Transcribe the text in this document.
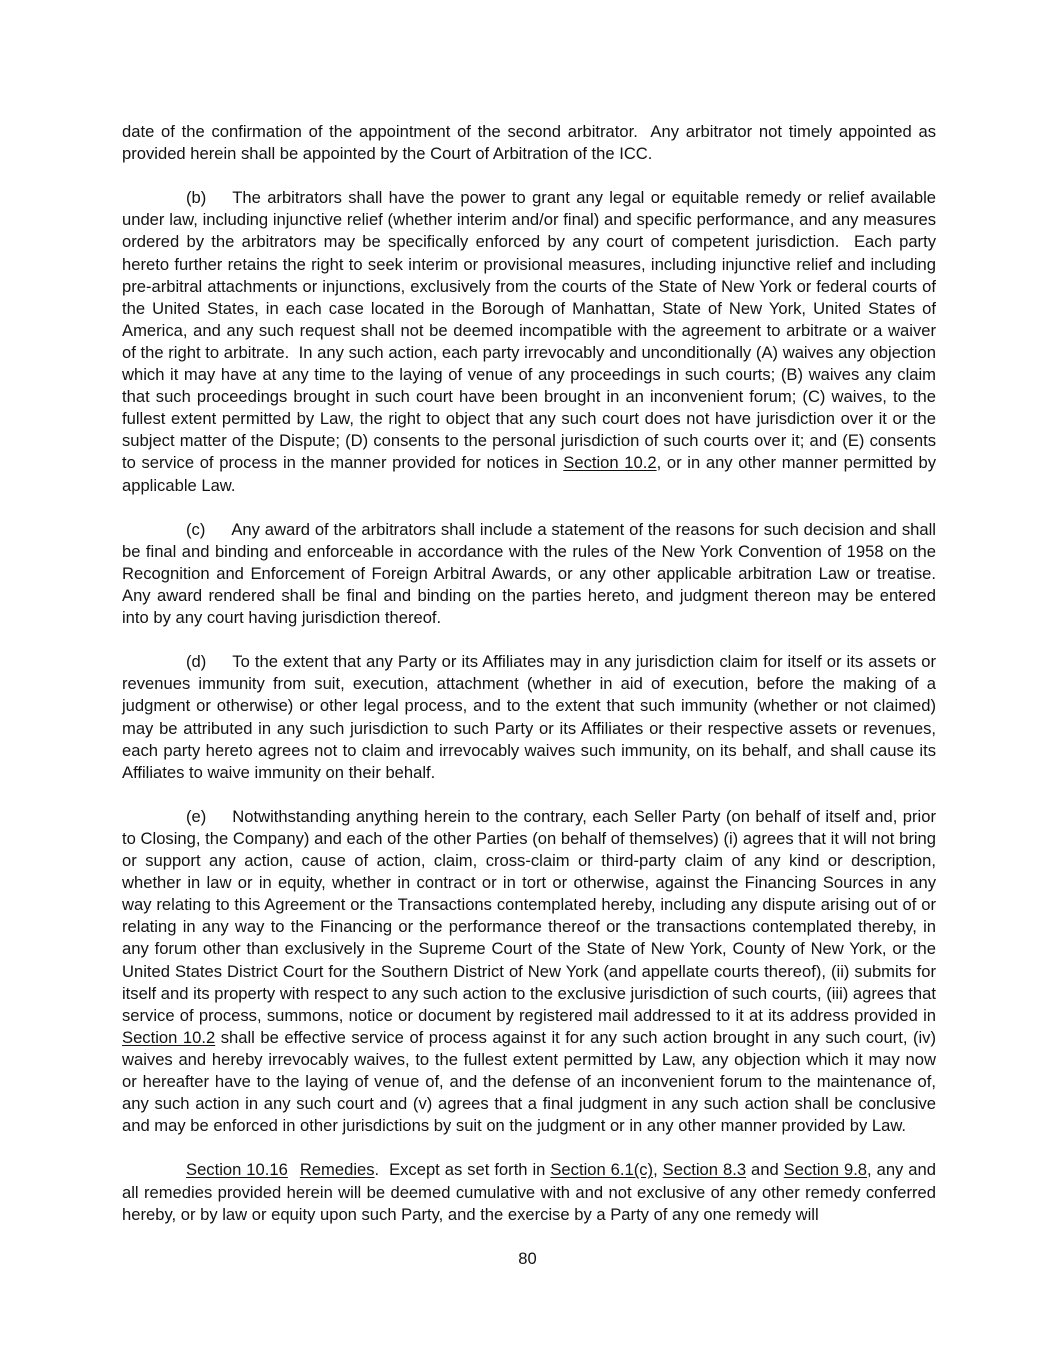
date of the confirmation of the appointment of the second arbitrator.  Any arbitrator not timely appointed as provided herein shall be appointed by the Court of Arbitration of the ICC.

(b) The arbitrators shall have the power to grant any legal or equitable remedy or relief available under law, including injunctive relief (whether interim and/or final) and specific performance, and any measures ordered by the arbitrators may be specifically enforced by any court of competent jurisdiction.  Each party hereto further retains the right to seek interim or provisional measures, including injunctive relief and including pre-arbitral attachments or injunctions, exclusively from the courts of the State of New York or federal courts of the United States, in each case located in the Borough of Manhattan, State of New York, United States of America, and any such request shall not be deemed incompatible with the agreement to arbitrate or a waiver of the right to arbitrate.  In any such action, each party irrevocably and unconditionally (A) waives any objection which it may have at any time to the laying of venue of any proceedings in such courts; (B) waives any claim that such proceedings brought in such court have been brought in an inconvenient forum; (C) waives, to the fullest extent permitted by Law, the right to object that any such court does not have jurisdiction over it or the subject matter of the Dispute; (D) consents to the personal jurisdiction of such courts over it; and (E) consents to service of process in the manner provided for notices in Section 10.2, or in any other manner permitted by applicable Law.

(c) Any award of the arbitrators shall include a statement of the reasons for such decision and shall be final and binding and enforceable in accordance with the rules of the New York Convention of 1958 on the Recognition and Enforcement of Foreign Arbitral Awards, or any other applicable arbitration Law or treatise.  Any award rendered shall be final and binding on the parties hereto, and judgment thereon may be entered into by any court having jurisdiction thereof.

(d) To the extent that any Party or its Affiliates may in any jurisdiction claim for itself or its assets or revenues immunity from suit, execution, attachment (whether in aid of execution, before the making of a judgment or otherwise) or other legal process, and to the extent that such immunity (whether or not claimed) may be attributed in any such jurisdiction to such Party or its Affiliates or their respective assets or revenues, each party hereto agrees not to claim and irrevocably waives such immunity, on its behalf, and shall cause its Affiliates to waive immunity on their behalf.

(e) Notwithstanding anything herein to the contrary, each Seller Party (on behalf of itself and, prior to Closing, the Company) and each of the other Parties (on behalf of themselves) (i) agrees that it will not bring or support any action, cause of action, claim, cross-claim or third-party claim of any kind or description, whether in law or in equity, whether in contract or in tort or otherwise, against the Financing Sources in any way relating to this Agreement or the Transactions contemplated hereby, including any dispute arising out of or relating in any way to the Financing or the performance thereof or the transactions contemplated thereby, in any forum other than exclusively in the Supreme Court of the State of New York, County of New York, or the United States District Court for the Southern District of New York (and appellate courts thereof), (ii) submits for itself and its property with respect to any such action to the exclusive jurisdiction of such courts, (iii) agrees that service of process, summons, notice or document by registered mail addressed to it at its address provided in Section 10.2 shall be effective service of process against it for any such action brought in any such court, (iv) waives and hereby irrevocably waives, to the fullest extent permitted by Law, any objection which it may now or hereafter have to the laying of venue of, and the defense of an inconvenient forum to the maintenance of, any such action in any such court and (v) agrees that a final judgment in any such action shall be conclusive and may be enforced in other jurisdictions by suit on the judgment or in any other manner provided by Law.

Section 10.16 Remedies.  Except as set forth in Section 6.1(c), Section 8.3 and Section 9.8, any and all remedies provided herein will be deemed cumulative with and not exclusive of any other remedy conferred hereby, or by law or equity upon such Party, and the exercise by a Party of any one remedy will

80
